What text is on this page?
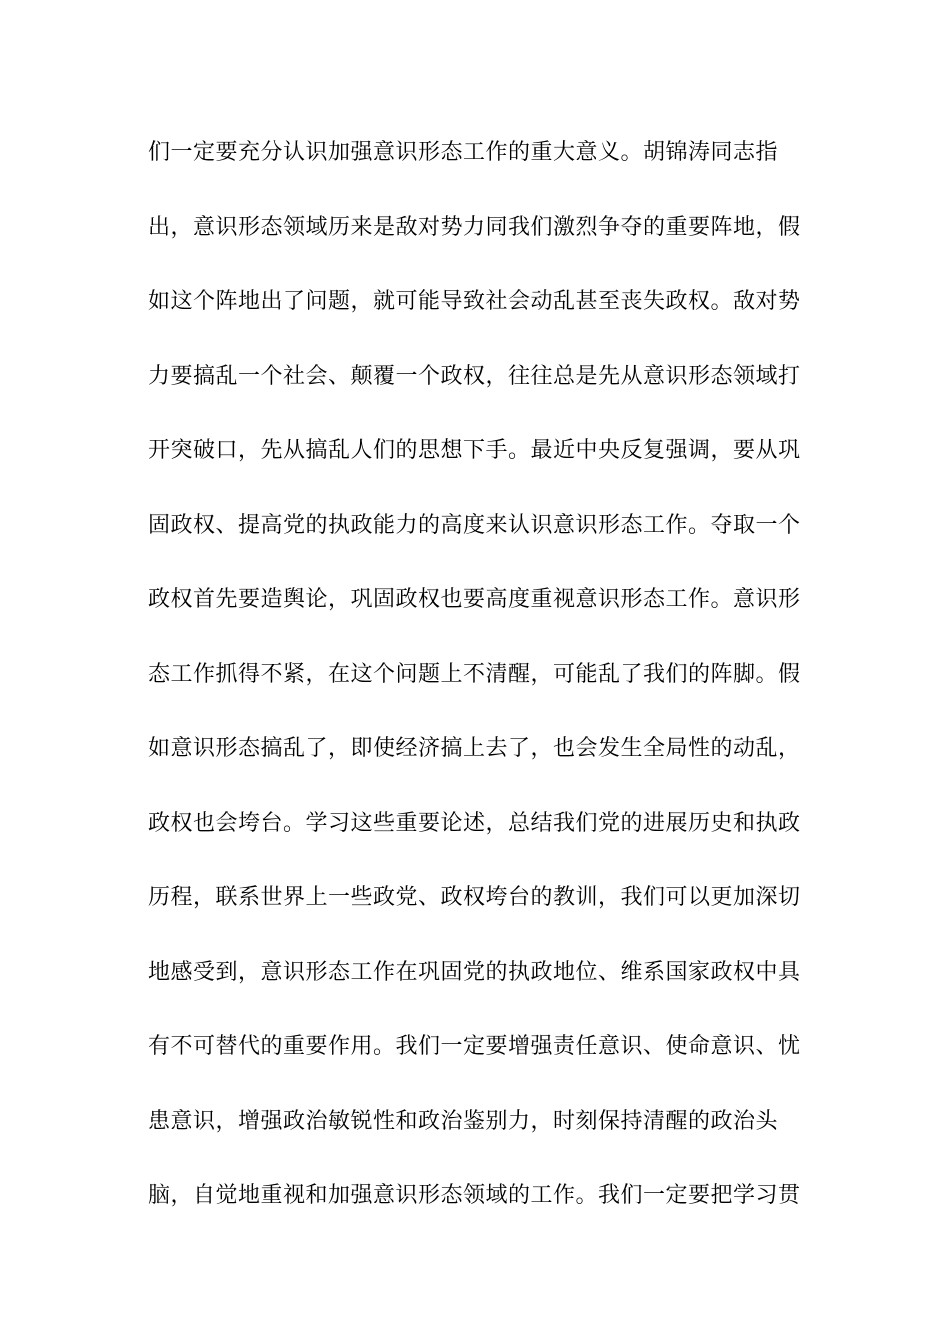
们一定要充分认识加强意识形态工作的重大意义。胡锦涛同志指
出，意识形态领域历来是敌对势力同我们激烈争夺的重要阵地，假
如这个阵地出了问题，就可能导致社会动乱甚至丧失政权。敌对势
力要搞乱一个社会、颠覆一个政权，往往总是先从意识形态领域打
开突破口，先从搞乱人们的思想下手。最近中央反复强调，要从巩
固政权、提高党的执政能力的高度来认识意识形态工作。夺取一个
政权首先要造舆论，巩固政权也要高度重视意识形态工作。意识形
态工作抓得不紧，在这个问题上不清醒，可能乱了我们的阵脚。假
如意识形态搞乱了，即使经济搞上去了，也会发生全局性的动乱，
政权也会垮台。学习这些重要论述，总结我们党的进展历史和执政
历程，联系世界上一些政党、政权垮台的教训，我们可以更加深切
地感受到，意识形态工作在巩固党的执政地位、维系国家政权中具
有不可替代的重要作用。我们一定要增强责任意识、使命意识、忧
患意识，增强政治敏锐性和政治鉴别力，时刻保持清醒的政治头
脑，自觉地重视和加强意识形态领域的工作。我们一定要把学习贯
